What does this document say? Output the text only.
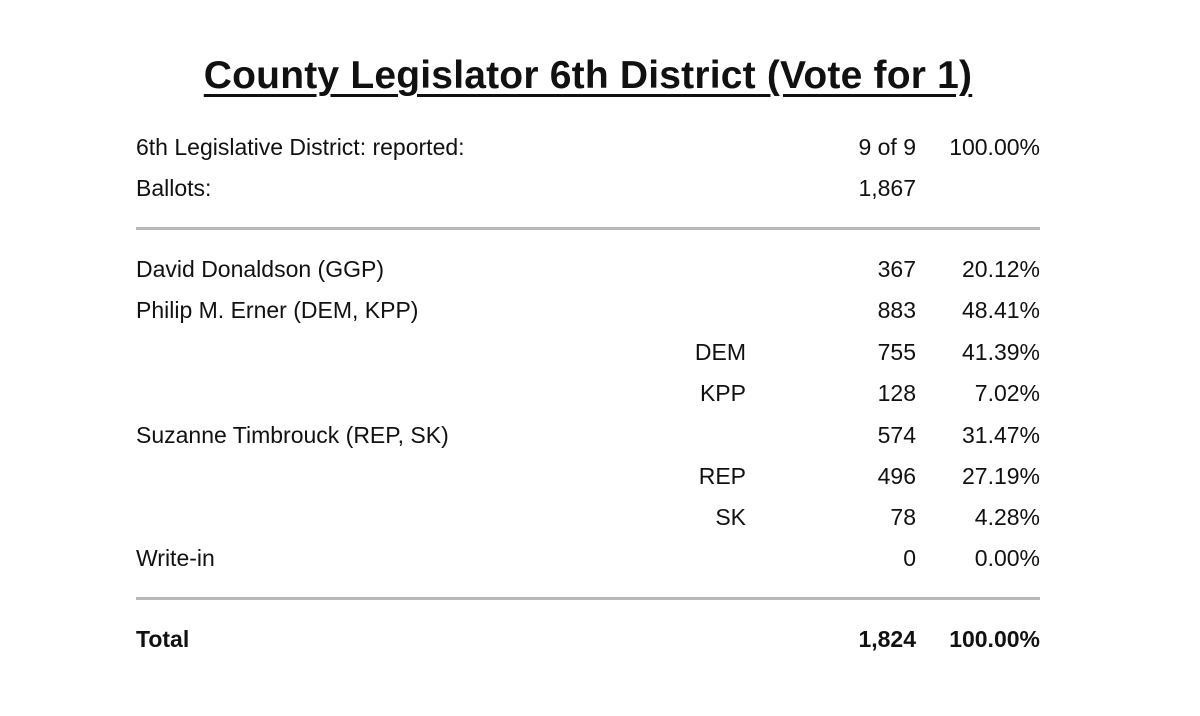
County Legislator 6th District (Vote for 1)
6th Legislative District: reported:	9 of 9 100.00%
Ballots:	1,867
David Donaldson (GGP)	367 20.12%
Philip M. Erner (DEM, KPP)	883 48.41%
DEM	755 41.39%
KPP	128	7.02%
Suzanne Timbrouck (REP, SK)	574 31.47%
REP	496 27.19%
SK	78	4.28%
Write-in	0	0.00%
Total	1,824 100.00%
